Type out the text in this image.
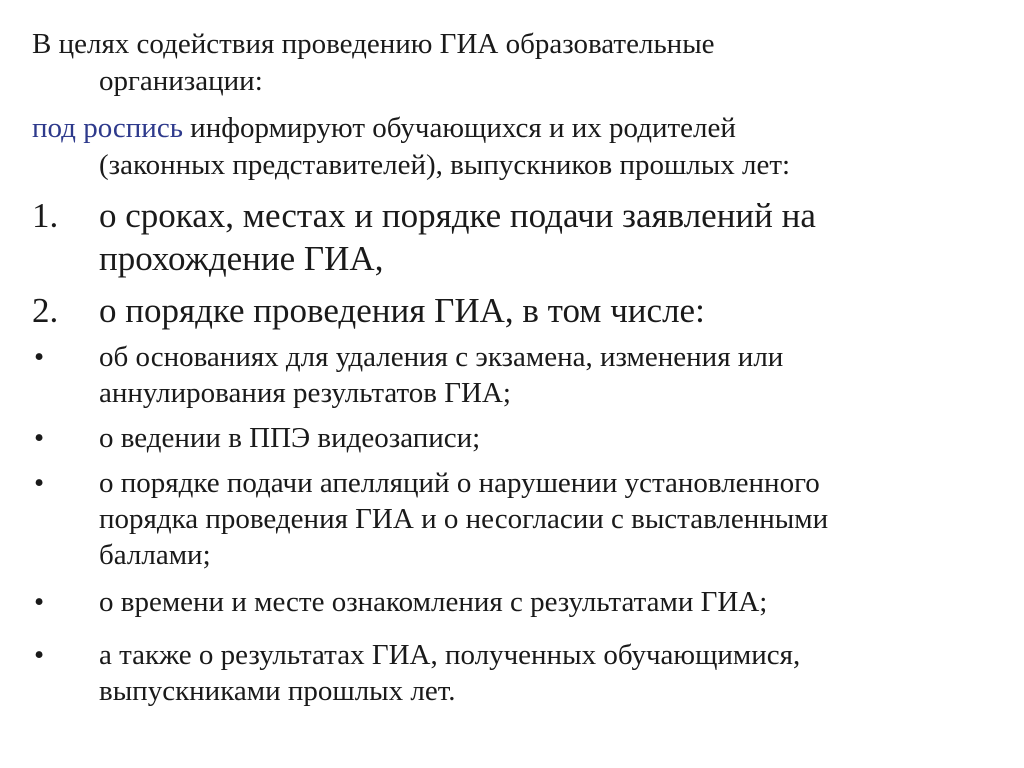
В целях содействия проведению ГИА образовательные
организации:

под роспись информируют обучающихся и их родителей
(законных представителей), выпускников прошлых лет:

1. о сроках, местах и порядке подачи заявлений на
прохождение ГИА,
2. о порядке проведения ГИА, в том числе:
• об основаниях для удаления с экзамена, изменения или
аннулирования результатов ГИА;
• о ведении в ППЭ видеозаписи;
• о порядке подачи апелляций о нарушении установленного
порядка проведения ГИА и о несогласии с выставленными
баллами;
• о времени и месте ознакомления с результатами ГИА;
• а также о результатах ГИА, полученных обучающимися,
выпускниками прошлых лет.
